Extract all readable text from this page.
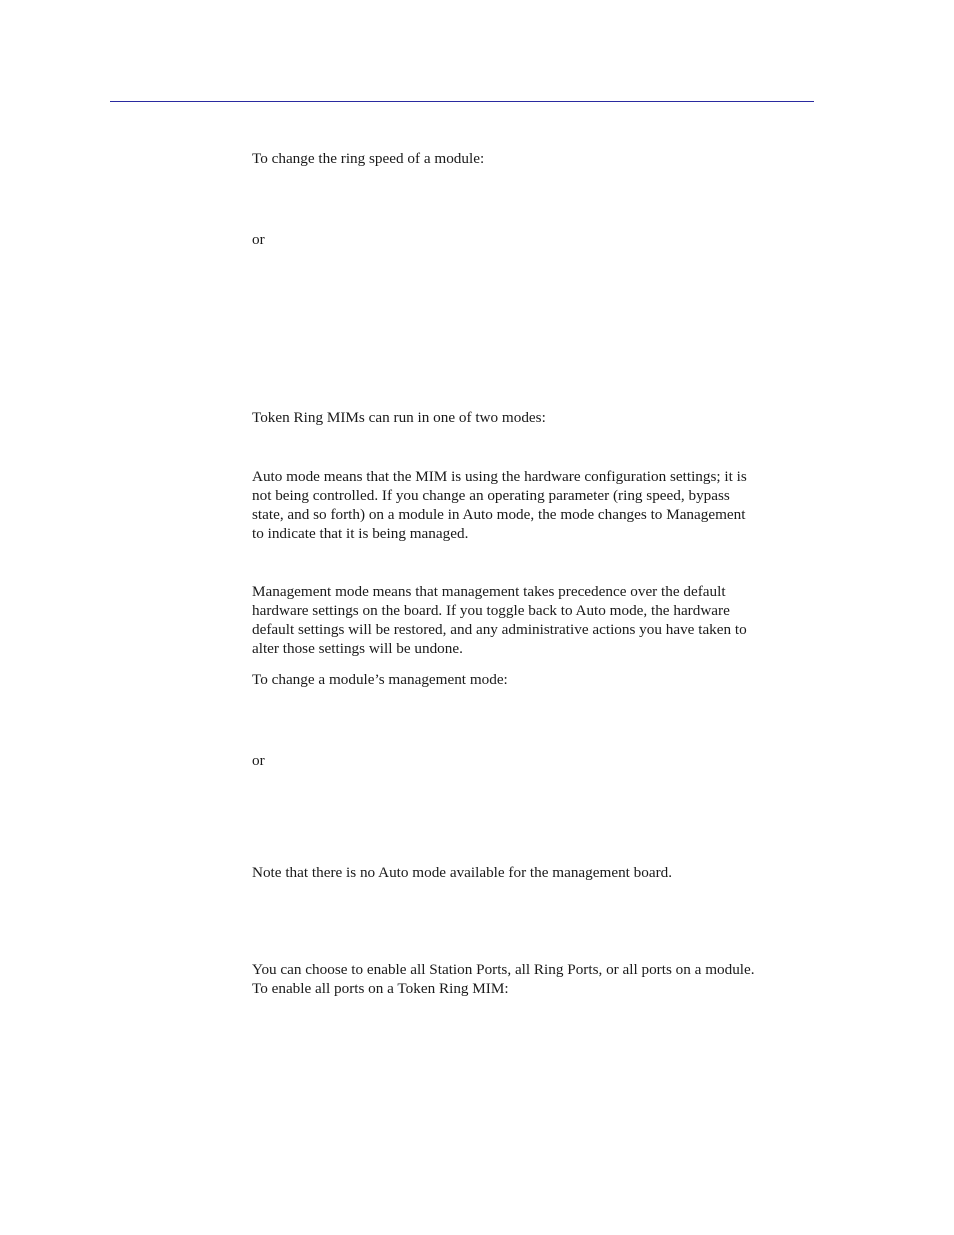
To change the ring speed of a module:

or

Token Ring MIMs can run in one of two modes:

Auto mode means that the MIM is using the hardware configuration settings; it is
not being controlled. If you change an operating parameter (ring speed, bypass
state, and so forth) on a module in Auto mode, the mode changes to Management
to indicate that it is being managed.

Management mode means that management takes precedence over the default
hardware settings on the board. If you toggle back to Auto mode, the hardware
default settings will be restored, and any administrative actions you have taken to
alter those settings will be undone.

To change a module’s management mode:

or

Note that there is no Auto mode available for the management board.

You can choose to enable all Station Ports, all Ring Ports, or all ports on a module.
To enable all ports on a Token Ring MIM:
